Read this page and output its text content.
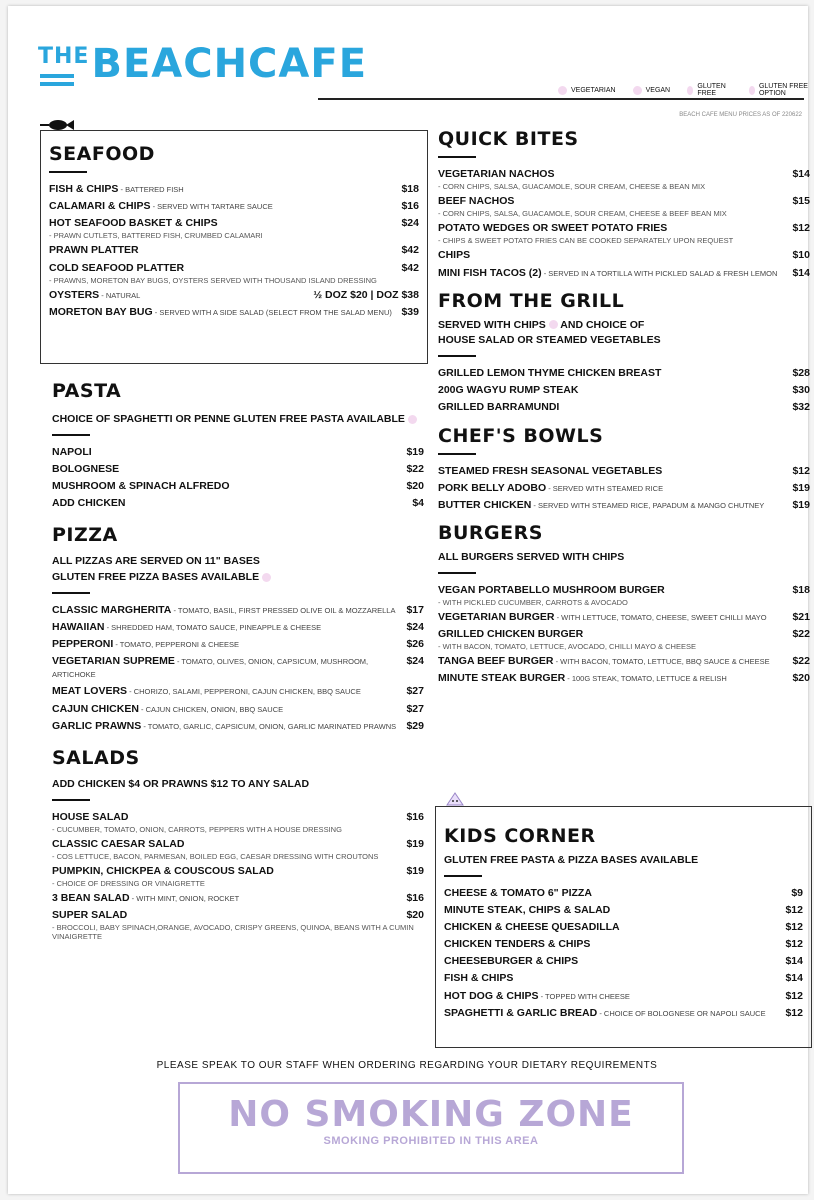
$^{THE}$BEACHCAFE
VEGETARIAN	VEGAN	GLUTEN FREE
GLUTEN FREE OPTION
BEACH CAFE MENU PRICES AS OF 220622
SEAFOOD
FISH & CHIPS - BATTERED FISH	$18
CALAMARI & CHIPS - SERVED WITH TARTARE SAUCE	$16
HOT SEAFOOD BASKET & CHIPS	$24
- PRAWN CUTLETS, BATTERED FISH, CRUMBED CALAMARI
PRAWN PLATTER	$42
COLD SEAFOOD PLATTER	$42
- PRAWNS, MORETON BAY BUGS, OYSTERS SERVED WITH THOUSAND ISLAND DRESSING
OYSTERS - NATURAL	½ DOZ $20 | DOZ $38
MORETON BAY BUG - SERVED WITH A SIDE SALAD (SELECT FROM THE SALAD MENU) $39
PASTA
CHOICE OF SPAGHETTI OR PENNE GLUTEN FREE PASTA AVAILABLE
NAPOLI	$19
BOLOGNESE	$22
MUSHROOM & SPINACH ALFREDO	$20
ADD CHICKEN	$4
PIZZA
ALL PIZZAS ARE SERVED ON 11" BASES
GLUTEN FREE PIZZA BASES AVAILABLE
CLASSIC MARGHERITA - TOMATO, BASIL, FIRST PRESSED OLIVE OIL & MOZZARELLA $17
HAWAIIAN - SHREDDED HAM, TOMATO SAUCE, PINEAPPLE & CHEESE	$24
PEPPERONI - TOMATO, PEPPERONI & CHEESE	$26
VEGETARIAN SUPREME - TOMATO, OLIVES, ONION, CAPSICUM, MUSHROOM, ARTICHOKE
$24
MEAT LOVERS - CHORIZO, SALAMI, PEPPERONI, CAJUN CHICKEN, BBQ SAUCE	$27
CAJUN CHICKEN - CAJUN CHICKEN, ONION, BBQ SAUCE	$27
GARLIC PRAWNS - TOMATO, GARLIC, CAPSICUM, ONION, GARLIC MARINATED PRAWNS $29
SALADS
ADD CHICKEN $4 OR PRAWNS $12 TO ANY SALAD
HOUSE SALAD	$16
- CUCUMBER, TOMATO, ONION, CARROTS, PEPPERS WITH A HOUSE DRESSING
CLASSIC CAESAR SALAD	$19
- COS LETTUCE, BACON, PARMESAN, BOILED EGG, CAESAR DRESSING WITH CROUTONS
PUMPKIN, CHICKPEA & COUSCOUS SALAD	$19
- CHOICE OF DRESSING OR VINAIGRETTE
3 BEAN SALAD - WITH MINT, ONION, ROCKET	$16
SUPER SALAD	$20
- BROCCOLI, BABY SPINACH,ORANGE, AVOCADO, CRISPY GREENS, QUINOA, BEANS WITH A CUMIN VINAIGRETTE
QUICK BITES
VEGETARIAN NACHOS	$14
- CORN CHIPS, SALSA, GUACAMOLE, SOUR CREAM, CHEESE & BEAN MIX
BEEF NACHOS	$15
- CORN CHIPS, SALSA, GUACAMOLE, SOUR CREAM, CHEESE & BEEF BEAN MIX
POTATO WEDGES OR SWEET POTATO FRIES	$12
- CHIPS & SWEET POTATO FRIES CAN BE COOKED SEPARATELY UPON REQUEST
CHIPS	$10
MINI FISH TACOS (2) - SERVED IN A TORTILLA WITH PICKLED SALAD & FRESH LEMON $14
FROM THE GRILL
SERVED WITH CHIPS AND CHOICE OF
HOUSE SALAD OR STEAMED VEGETABLES
GRILLED LEMON THYME CHICKEN BREAST	$28
200G WAGYU RUMP STEAK	$30
GRILLED BARRAMUNDI	$32
CHEF'S BOWLS
STEAMED FRESH SEASONAL VEGETABLES	$12
PORK BELLY ADOBO - SERVED WITH STEAMED RICE	$19
BUTTER CHICKEN - SERVED WITH STEAMED RICE, PAPADUM & MANGO CHUTNEY	$19
BURGERS
ALL BURGERS SERVED WITH CHIPS
VEGAN PORTABELLO MUSHROOM BURGER	$18
- WITH PICKLED CUCUMBER, CARROTS & AVOCADO
VEGETARIAN BURGER - WITH LETTUCE, TOMATO, CHEESE, SWEET CHILLI MAYO $21
GRILLED CHICKEN BURGER	$22
- WITH BACON, TOMATO, LETTUCE, AVOCADO, CHILLI MAYO & CHEESE
TANGA BEEF BURGER - WITH BACON, TOMATO, LETTUCE, BBQ SAUCE & CHEESE $22
MINUTE STEAK BURGER - 100G STEAK, TOMATO, LETTUCE & RELISH	$20
KIDS CORNER
GLUTEN FREE PASTA & PIZZA BASES AVAILABLE
CHEESE & TOMATO 6" PIZZA	$9
MINUTE STEAK, CHIPS & SALAD	$12
CHICKEN & CHEESE QUESADILLA	$12
CHICKEN TENDERS & CHIPS	$12
CHEESEBURGER & CHIPS	$14
FISH & CHIPS	$14
HOT DOG & CHIPS - TOPPED WITH CHEESE	$12
SPAGHETTI & GARLIC BREAD - CHOICE OF BOLOGNESE OR NAPOLI SAUCE $12
PLEASE SPEAK TO OUR STAFF WHEN ORDERING REGARDING YOUR DIETARY REQUIREMENTS
NO SMOKING ZONE
SMOKING PROHIBITED IN THIS AREA
